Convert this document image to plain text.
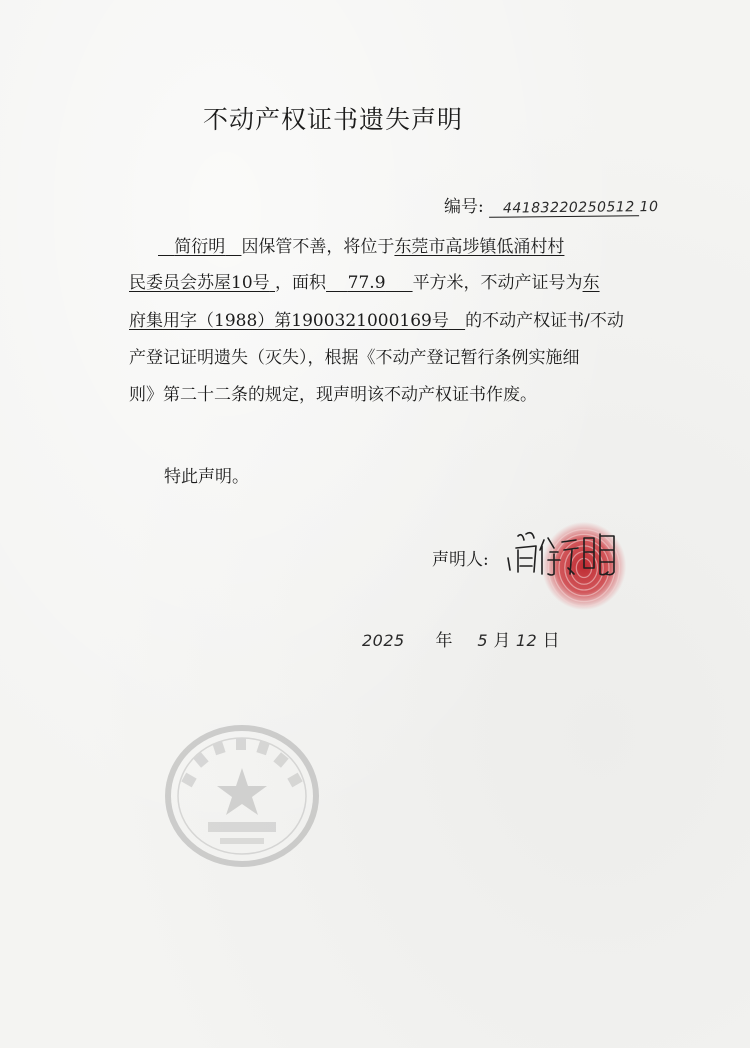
不动产权证书遗失声明
编号: 44183220250512 10
简衍明 因保管不善，将位于东莞市高埗镇低涌村村
民委员会苏屋10号 ，面积 77.9 平方米，不动产证号为东
府集用字（1988）第1900321000169号 的不动产权证书/不动
产登记证明遗失（灭失），根据《不动产登记暂行条例实施细
则》第二十二条的规定，现声明该不动产权证书作废。
特此声明。
声明人:
2025 年 5 月 12 日
